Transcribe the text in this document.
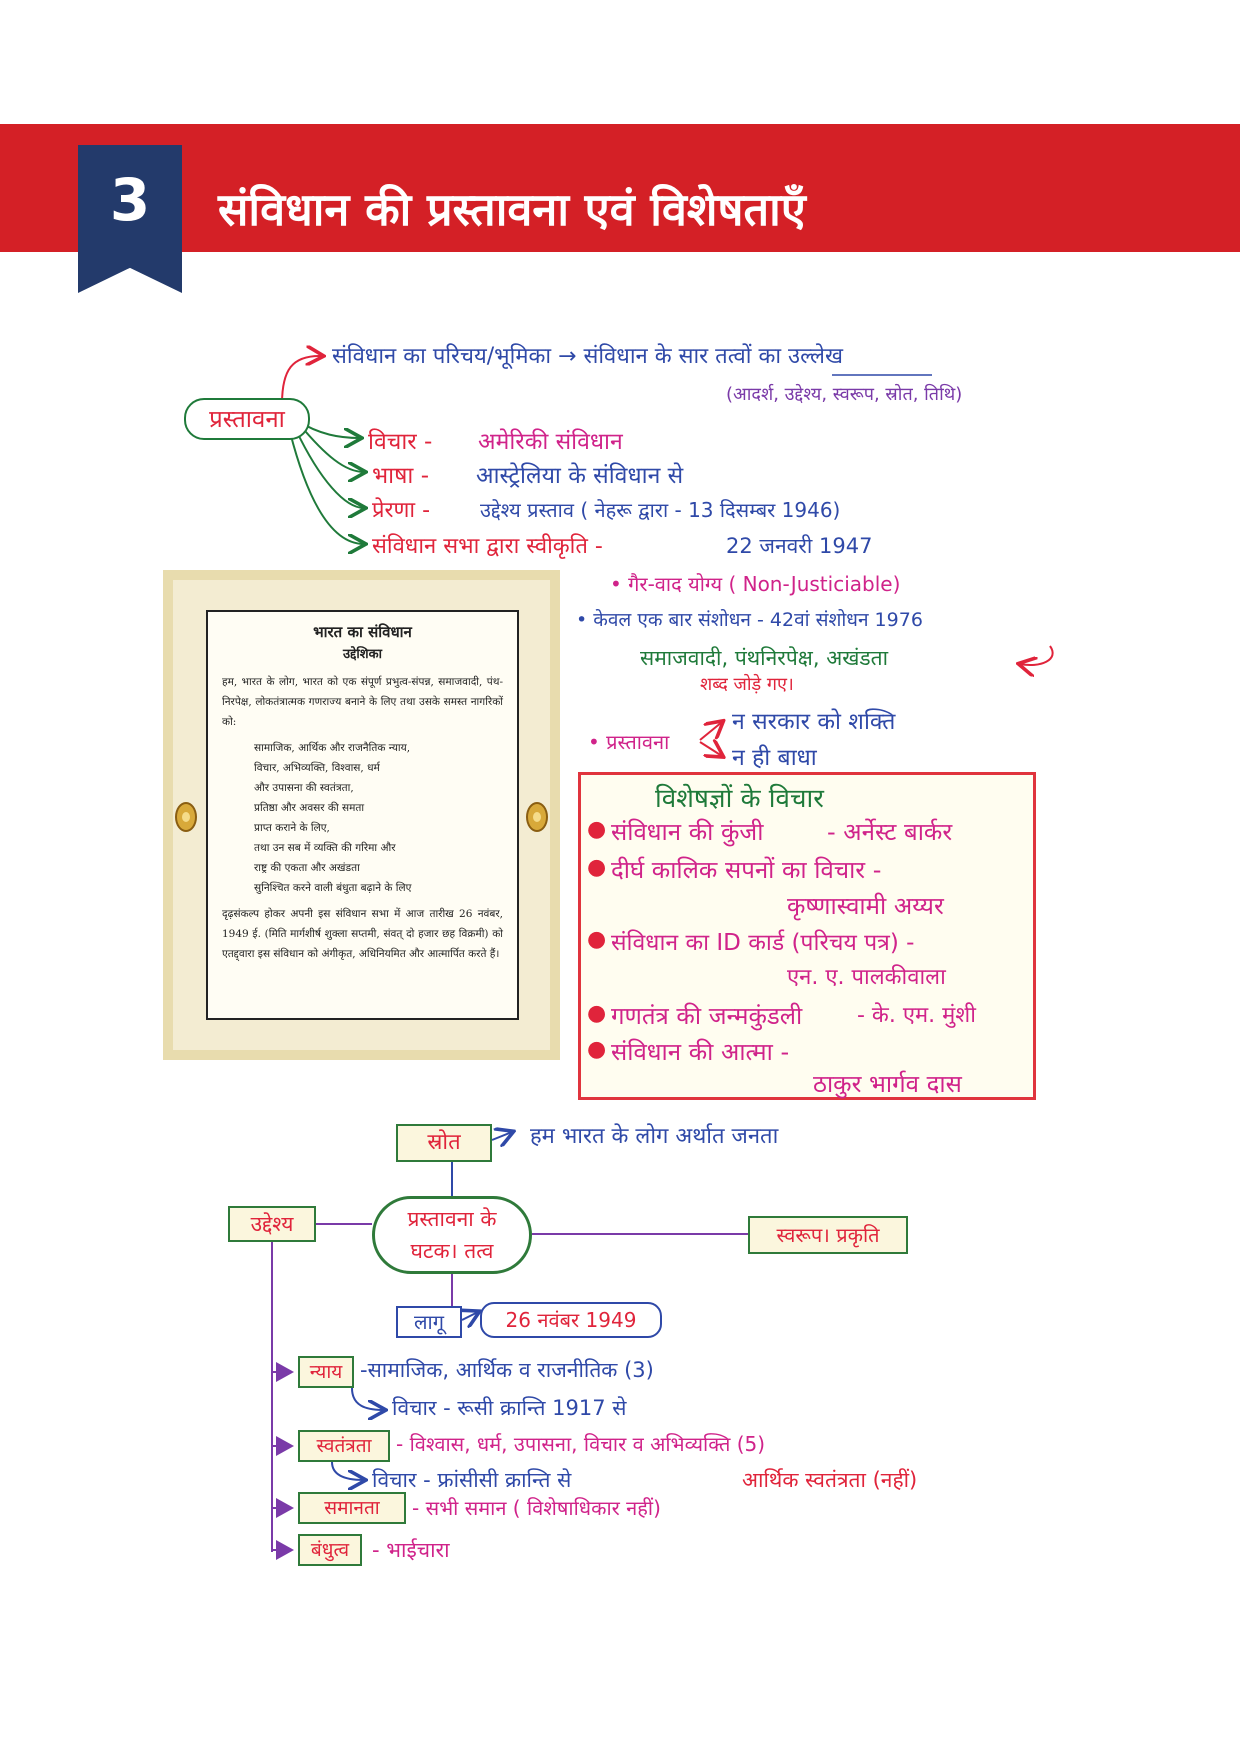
3	संविधान की प्रस्तावना एवं विशेषताएँ
प्रस्तावना
संविधान का परिचय/भूमिका → संविधान के सार तत्वों का उल्लेख
(आदर्श, उद्देश्य, स्वरूप, स्रोत, तिथि)
विचार - अमेरिकी संविधान
भाषा - आस्ट्रेलिया के संविधान से
प्रेरणा - उद्देश्य प्रस्ताव ( नेहरू द्वारा - 13 दिसम्बर 1946)
संविधान सभा द्वारा स्वीकृति -	22 जनवरी 1947
• गैर-वाद योग्य ( Non-Justiciable)
• केवल एक बार संशोधन - 42वां संशोधन 1976
समाजवादी, पंथनिरपेक्ष, अखंडता
शब्द जोड़े गए।
• प्रस्तावना
न सरकार को शक्ति
न ही बाधा
भारत का संविधान
उद्देशिका
हम, भारत के लोग, भारत को एक संपूर्ण प्रभुत्व-संपन्न, समाजवादी, पंथ-निरपेक्ष, लोकतंत्रात्मक गणराज्य बनाने के लिए तथा उसके समस्त नागरिकों को:
सामाजिक, आर्थिक और राजनैतिक न्याय,
विचार, अभिव्यक्ति, विश्वास, धर्म
और उपासना की स्वतंत्रता,
प्रतिष्ठा और अवसर की समता
प्राप्त कराने के लिए,
तथा उन सब में व्यक्ति की गरिमा और
राष्ट्र की एकता और अखंडता
सुनिश्चित करने वाली बंधुता बढ़ाने के लिए
दृढ़संकल्प होकर अपनी इस संविधान सभा में आज तारीख 26 नवंबर, 1949 ई. (मिति मार्गशीर्ष शुक्ला सप्तमी, संवत् दो हजार छह विक्रमी) को एतद्द्वारा इस संविधान को अंगीकृत, अधिनियमित और आत्मार्पित करते हैं।
विशेषज्ञों के विचार
● संविधान की कुंजी	- अर्नेस्ट बार्कर
● दीर्घ कालिक सपनों का विचार -
कृष्णास्वामी अय्यर
● संविधान का ID कार्ड (परिचय पत्र) -
एन. ए. पालकीवाला
● गणतंत्र की जन्मकुंडली - के. एम. मुंशी
● संविधान की आत्मा -
ठाकुर भार्गव दास
स्रोत	हम भारत के लोग अर्थात जनता
उद्देश्य	प्रस्तावना के
घटक। तत्व
स्वरूप। प्रकृति
लागू	26 नवंबर 1949
न्याय -सामाजिक, आर्थिक व राजनीतिक (3)
विचार - रूसी क्रान्ति 1917 से
स्वतंत्रता	- विश्वास, धर्म, उपासना, विचार व अभिव्यक्ति (5)
विचार - फ्रांसीसी क्रान्ति से	आर्थिक स्वतंत्रता (नहीं)
समानता	- सभी समान ( विशेषाधिकार नहीं)
बंधुत्व	- भाईचारा
